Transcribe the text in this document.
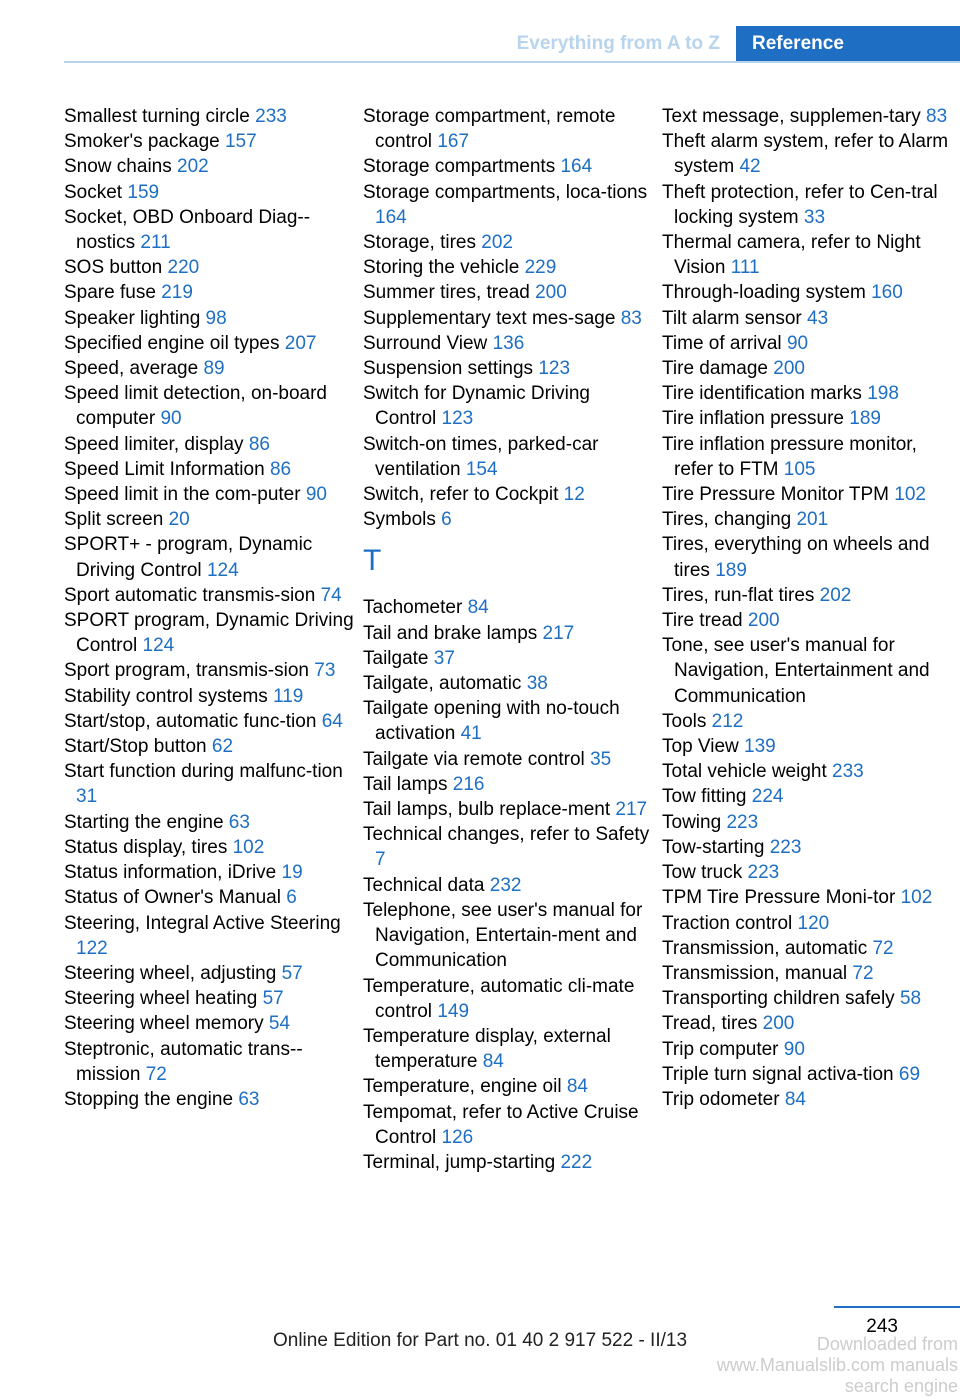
Everything from A to Z	Reference
Smallest turning circle 233
Smoker's package 157
Snow chains 202
Socket 159
Socket, OBD Onboard Diag-nostics 211
SOS button 220
Spare fuse 219
Speaker lighting 98
Specified engine oil types 207
Speed, average 89
Speed limit detection, on-board computer 90
Speed limiter, display 86
Speed Limit Information 86
Speed limit in the com-puter 90
Split screen 20
SPORT+ - program, Dynamic Driving Control 124
Sport automatic transmis-sion 74
SPORT program, Dynamic Driving Control 124
Sport program, transmis-sion 73
Stability control systems 119
Start/stop, automatic func-tion 64
Start/Stop button 62
Start function during malfunc-tion 31
Starting the engine 63
Status display, tires 102
Status information, iDrive 19
Status of Owner's Manual 6
Steering, Integral Active Steering 122
Steering wheel, adjusting 57
Steering wheel heating 57
Steering wheel memory 54
Steptronic, automatic trans-mission 72
Stopping the engine 63
Storage compartment, remote control 167
Storage compartments 164
Storage compartments, loca-tions 164
Storage, tires 202
Storing the vehicle 229
Summer tires, tread 200
Supplementary text mes-sage 83
Surround View 136
Suspension settings 123
Switch for Dynamic Driving Control 123
Switch-on times, parked-car ventilation 154
Switch, refer to Cockpit 12
Symbols 6
T
Tachometer 84
Tail and brake lamps 217
Tailgate 37
Tailgate, automatic 38
Tailgate opening with no-touch activation 41
Tailgate via remote control 35
Tail lamps 216
Tail lamps, bulb replace-ment 217
Technical changes, refer to Safety 7
Technical data 232
Telephone, see user's manual for Navigation, Entertain-ment and Communication
Temperature, automatic cli-mate control 149
Temperature display, external temperature 84
Temperature, engine oil 84
Tempomat, refer to Active Cruise Control 126
Terminal, jump-starting 222
Text message, supplemen-tary 83
Theft alarm system, refer to Alarm system 42
Theft protection, refer to Cen-tral locking system 33
Thermal camera, refer to Night Vision 111
Through-loading system 160
Tilt alarm sensor 43
Time of arrival 90
Tire damage 200
Tire identification marks 198
Tire inflation pressure 189
Tire inflation pressure monitor, refer to FTM 105
Tire Pressure Monitor TPM 102
Tires, changing 201
Tires, everything on wheels and tires 189
Tires, run-flat tires 202
Tire tread 200
Tone, see user's manual for Navigation, Entertainment and Communication
Tools 212
Top View 139
Total vehicle weight 233
Tow fitting 224
Towing 223
Tow-starting 223
Tow truck 223
TPM Tire Pressure Moni-tor 102
Traction control 120
Transmission, automatic 72
Transmission, manual 72
Transporting children safely 58
Tread, tires 200
Trip computer 90
Triple turn signal activa-tion 69
Trip odometer 84
243
Online Edition for Part no. 01 40 2 917 522 - II/13	Downloaded from www.Manualslib.com manuals search engine
